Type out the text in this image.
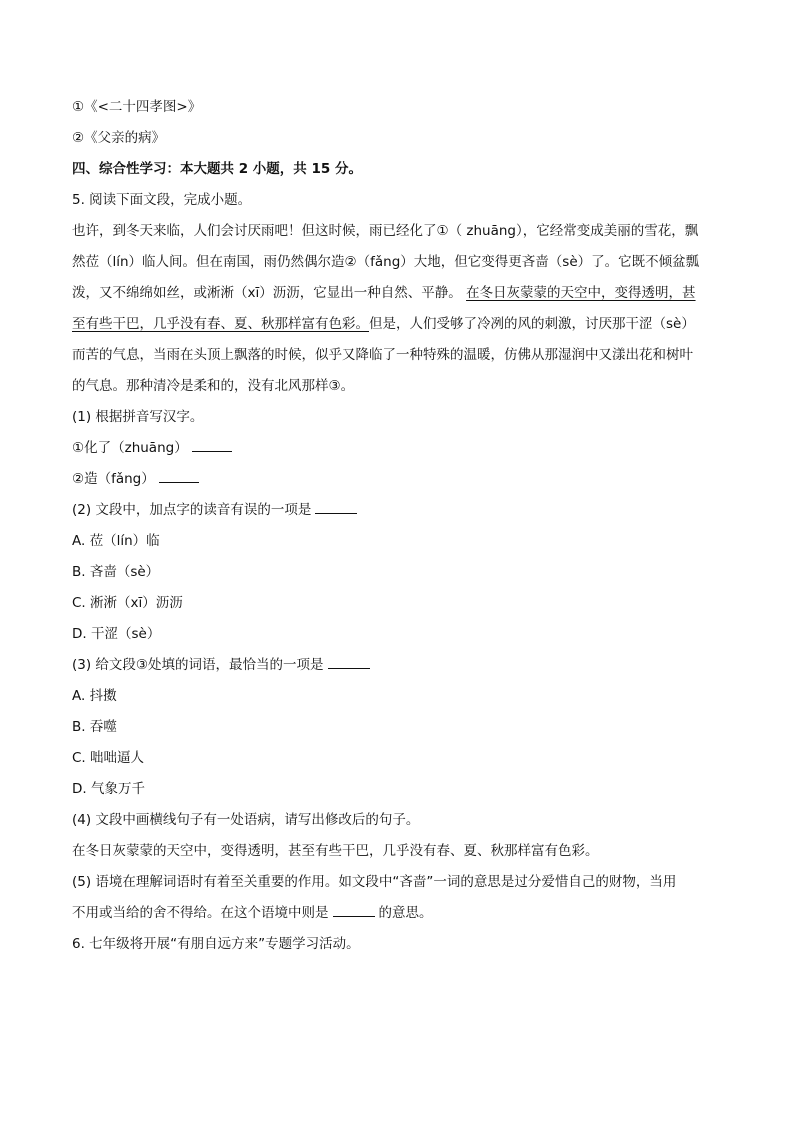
①《<二十四孝图>》
②《父亲的病》
四、综合性学习：本大题共 2 小题，共 15 分。
5. 阅读下面文段，完成小题。
也许，到冬天来临，人们会讨厌雨吧！但这时候，雨已经化了①（ zhuāng），它经常变成美丽的雪花，飘
然莅（lín）临人间。但在南国，雨仍然偶尔造②（fǎng）大地，但它变得更吝啬（sè）了。它既不倾盆瓢
泼，又不绵绵如丝，或淅淅（xī）沥沥，它显出一种自然、平静。 在冬日灰蒙蒙的天空中，变得透明，甚
至有些干巴，几乎没有春、夏、秋那样富有色彩。但是，人们受够了冷冽的风的刺激，讨厌那干涩（sè）
而苦的气息，当雨在头顶上飘落的时候，似乎又降临了一种特殊的温暖，仿佛从那湿润中又漾出花和树叶
的气息。那种清冷是柔和的，没有北风那样③。
(1) 根据拼音写汉字。
①化了（zhuāng）
②造（fǎng）
(2) 文段中，加点字的读音有误的一项是
A. 莅（lín）临
B. 吝啬（sè）
C. 淅淅（xī）沥沥
D. 干涩（sè）
(3) 给文段③处填的词语，最恰当的一项是
A. 抖擞
B. 吞噬
C. 咄咄逼人
D. 气象万千
(4) 文段中画横线句子有一处语病，请写出修改后的句子。
在冬日灰蒙蒙的天空中，变得透明，甚至有些干巴，几乎没有春、夏、秋那样富有色彩。
(5) 语境在理解词语时有着至关重要的作用。如文段中“吝啬”一词的意思是过分爱惜自己的财物，当用
不用或当给的舍不得给。在这个语境中则是	的意思。
6. 七年级将开展“有朋自远方来”专题学习活动。
